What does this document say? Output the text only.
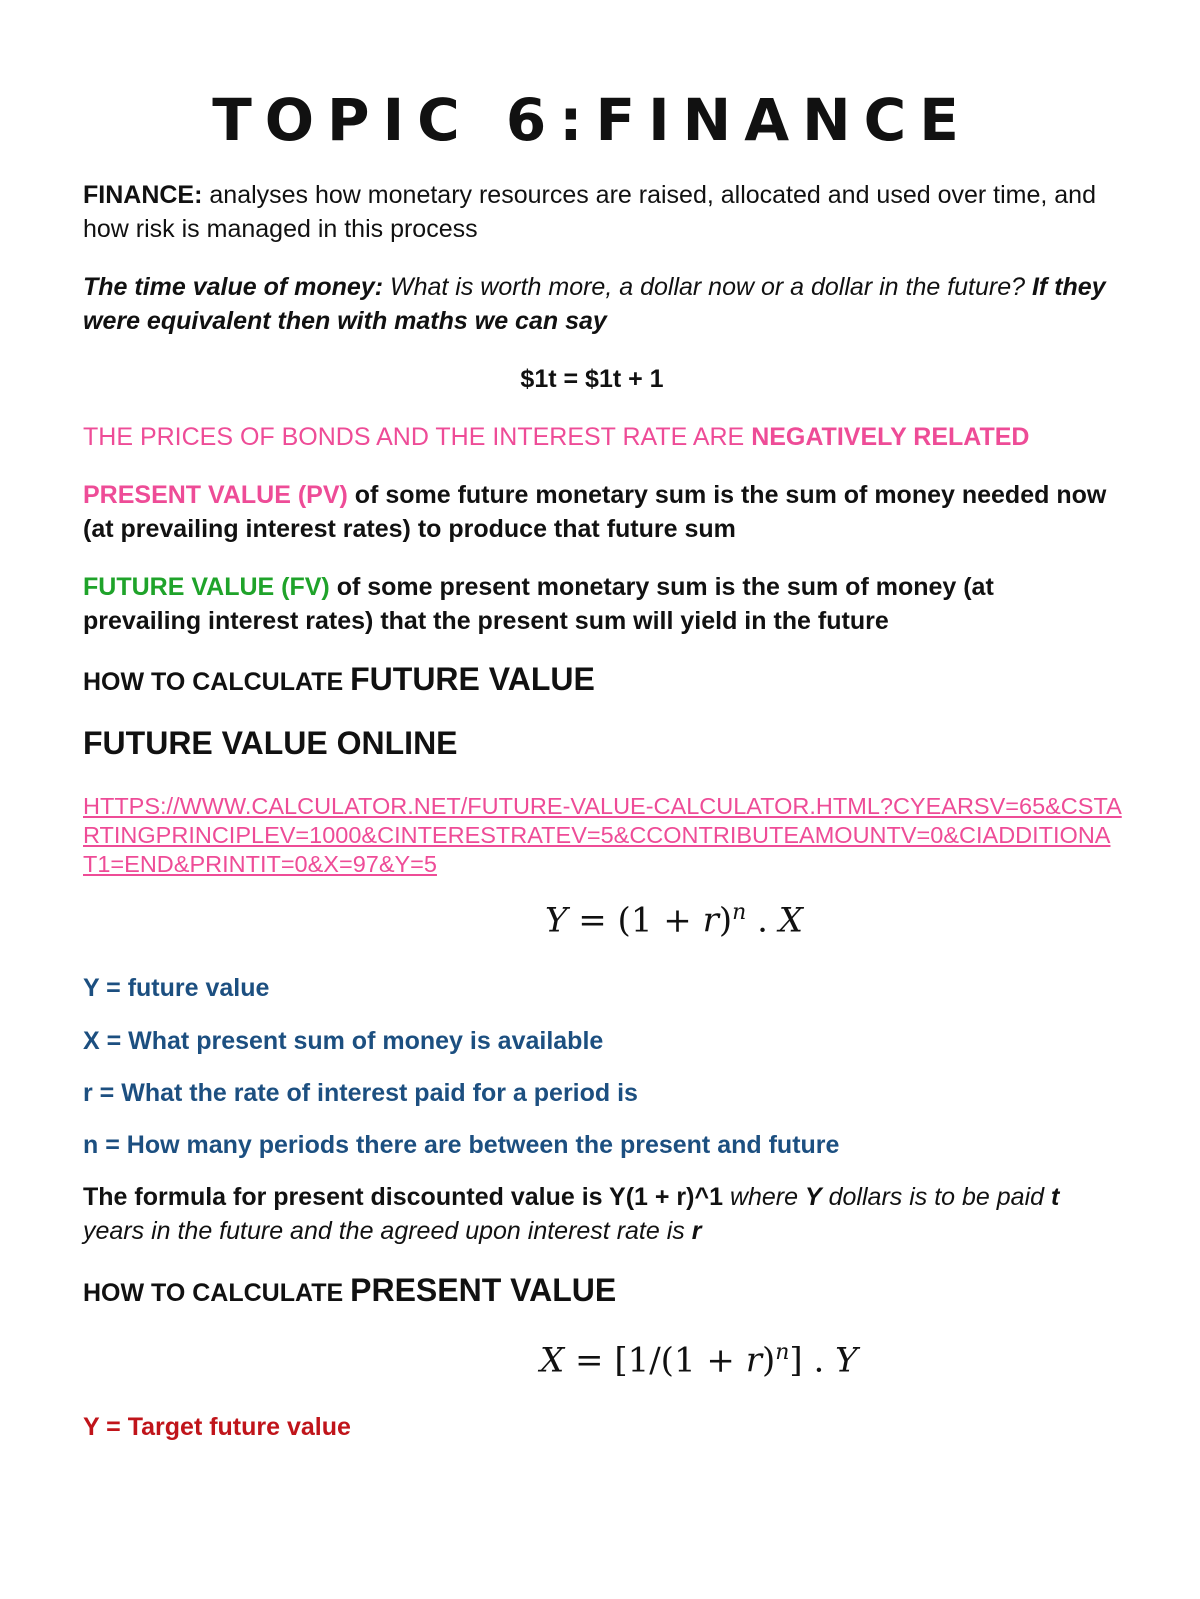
TOPIC 6:FINANCE
FINANCE: analyses how monetary resources are raised, allocated and used over time, and how risk is managed in this process
The time value of money: What is worth more, a dollar now or a dollar in the future? If they were equivalent then with maths we can say
$1t = $1t + 1
THE PRICES OF BONDS AND THE INTEREST RATE ARE NEGATIVELY RELATED
PRESENT VALUE (PV) of some future monetary sum is the sum of money needed now (at prevailing interest rates) to produce that future sum
FUTURE VALUE (FV) of some present monetary sum is the sum of money (at prevailing interest rates) that the present sum will yield in the future
HOW TO CALCULATE FUTURE VALUE
FUTURE VALUE ONLINE
HTTPS://WWW.CALCULATOR.NET/FUTURE-VALUE-CALCULATOR.HTML?CYEARSV=65&CSTARTINGPRINCIPLEV=1000&CINTERESTRATEV=5&CCONTRIBUTEAMOUNTV=0&CIADDITIONAT1=END&PRINTIT=0&X=97&Y=5
$Y = (1 + r)^n$ . X
Y = future value
X = What present sum of money is available
r = What the rate of interest paid for a period is
n = How many periods there are between the present and future
The formula for present discounted value is Y(1 + r)^1 where Y dollars is to be paid t years in the future and the agreed upon interest rate is r
HOW TO CALCULATE PRESENT VALUE
$X = [1/(1 + r)^n]$ . Y
Y = Target future value
